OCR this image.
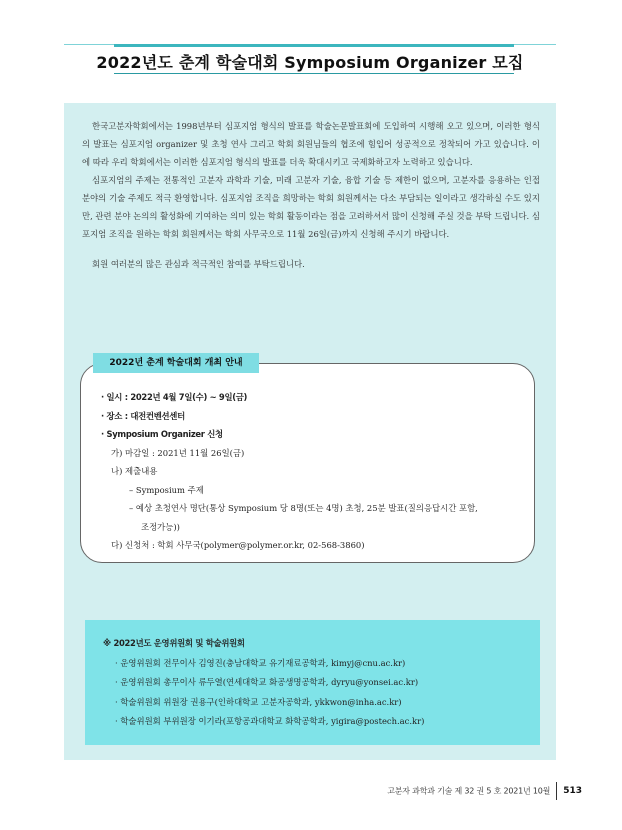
2022년도 춘계 학술대회 Symposium Organizer 모집

한국고분자학회에서는 1998년부터 심포지엄 형식의 발표를 학술논문발표회에 도입하여 시행해 오고 있으며, 이러한 형식의 발표는 심포지엄 organizer 및 초청 연사 그리고 학회 회원님들의 협조에 힘입어 성공적으로 정착되어 가고 있습니다. 이에 따라 우리 학회에서는 이러한 심포지엄 형식의 발표를 더욱 확대시키고 국제화하고자 노력하고 있습니다.

심포지엄의 주제는 전통적인 고분자 과학과 기술, 미래 고분자 기술, 융합 기술 등 제한이 없으며, 고분자를 응용하는 인접 분야의 기술 주제도 적극 환영합니다. 심포지엄 조직을 희망하는 학회 회원께서는 다소 부담되는 일이라고 생각하실 수도 있지만, 관련 분야 논의의 활성화에 기여하는 의미 있는 학회 활동이라는 점을 고려하셔서 많이 신청해 주실 것을 부탁 드립니다. 심포지엄 조직을 원하는 학회 회원께서는 학회 사무국으로 11월 26일(금)까지 신청해 주시기 바랍니다.

회원 여러분의 많은 관심과 적극적인 참여를 부탁드립니다.

· 일시 : 2022년 4월 7일(수) ~ 9일(금)
· 장소 : 대전컨벤션센터
· Symposium Organizer 신청
가) 마감일 : 2021년 11월 26일(금)
나) 제출내용
– Symposium 주제
– 예상 초청연사 명단(통상 Symposium 당 8명(또는 4명) 초청, 25분 발표(질의응답시간 포함,
조정가능))
다) 신청처 : 학회 사무국(polymer@polymer.or.kr, 02-568-3860)
2022년 춘계 학술대회 개최 안내
※ 2022년도 운영위원회 및 학술위원회
· 운영위원회 전무이사 김영진(충남대학교 유기재료공학과, kimyj@cnu.ac.kr)
· 운영위원회 총무이사 류두열(연세대학교 화공생명공학과, dyryu@yonsei.ac.kr)
· 학술위원회 위원장 권용구(인하대학교 고분자공학과, ykkwon@inha.ac.kr)
· 학술위원회 부위원장 이기라(포항공과대학교 화학공학과, yigira@postech.ac.kr)
고분자 과학과 기술 제 32 권 5 호 2021년 10월 513
